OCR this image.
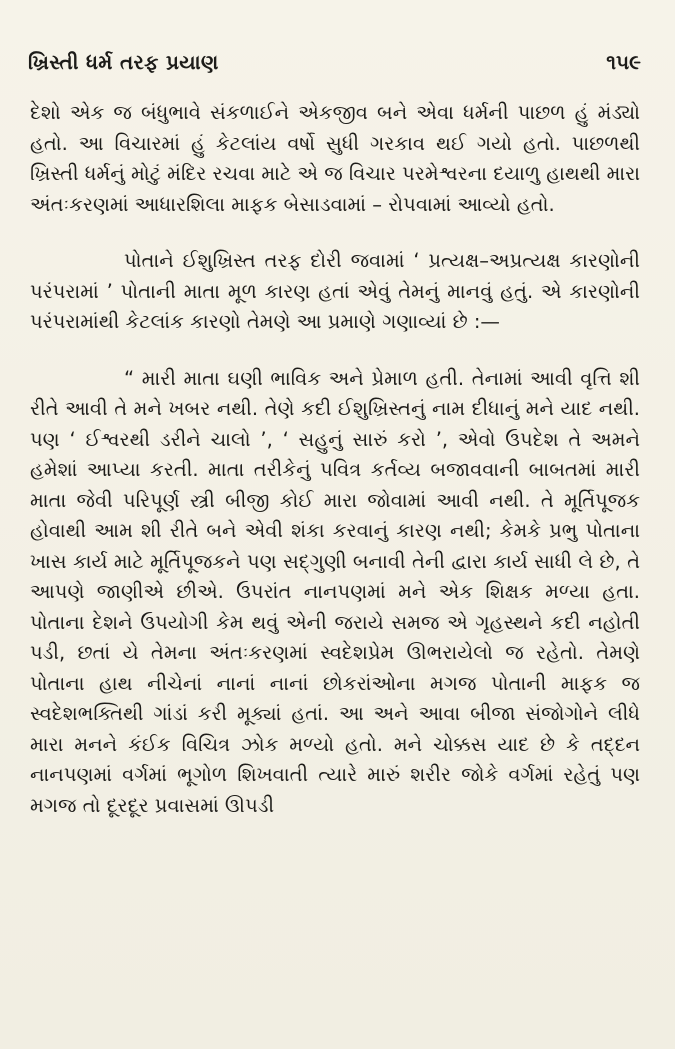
ખ્રિસ્તી ધર્મ તરફ પ્રયાણ	૧૫૯

દેશો એક જ બંધુભાવે સંકળાઈને એકજીવ બને એવા ધર્મની પાછળ હું મંડ્યો હતો. આ વિચારમાં હું કેટલાંય વર્ષો સુધી ગરકાવ થઈ ગયો હતો. પાછળથી ખ્રિસ્તી ધર્મનું મોટું મંદિર રચવા માટે એ જ વિચાર પરમેશ્વરના દયાળુ હાથથી મારા અંતઃકરણમાં આધારશિલા માફક બેસાડવામાં – રોપવામાં આવ્યો હતો.

પોતાને ઈશુખ્રિસ્ત તરફ દોરી જવામાં ‘ પ્રત્યક્ષ–અપ્રત્યક્ષ કારણોની પરંપરામાં ’ પોતાની માતા મૂળ કારણ હતાં એવું તેમનું માનવું હતું. એ કારણોની પરંપરામાંથી કેટલાંક કારણો તેમણે આ પ્રમાણે ગણાવ્યાં છે :—

“ મારી માતા ઘણી ભાવિક અને પ્રેમાળ હતી. તેનામાં આવી વૃત્તિ શી રીતે આવી તે મને ખબર નથી. તેણે કદી ઈશુખ્રિસ્તનું નામ દીધાનું મને યાદ નથી. પણ ‘ ઈશ્વરથી ડરીને ચાલો ’, ‘ સહુનું સારું કરો ’, એવો ઉપદેશ તે અમને હમેશાં આપ્યા કરતી. માતા તરીકેનું પવિત્ર કર્તવ્ય બજાવવાની બાબતમાં મારી માતા જેવી પરિપૂર્ણ સ્ત્રી બીજી કોઈ મારા જોવામાં આવી નથી. તે મૂર્તિપૂજક હોવાથી આમ શી રીતે બને એવી શંકા કરવાનું કારણ નથી; કેમકે પ્રભુ પોતાના ખાસ કાર્ય માટે મૂર્તિપૂજકને પણ સદ્‌ગુણી બનાવી તેની દ્વારા કાર્ય સાધી લે છે, તે આપણે જાણીએ છીએ. ઉપરાંત નાનપણમાં મને એક શિક્ષક મળ્યા હતા. પોતાના દેશને ઉપયોગી કેમ થવું એની જરાયે સમજ એ ગૃહસ્થને કદી નહોતી પડી, છતાં યે તેમના અંતઃકરણમાં સ્વદેશપ્રેમ ઊભરાયેલો જ રહેતો. તેમણે પોતાના હાથ નીચેનાં નાનાં નાનાં છોકરાંઓના મગજ પોતાની માફક જ સ્વદેશભક્તિથી ગાંડાં કરી મૂક્યાં હતાં. આ અને આવા બીજા સંજોગોને લીધે મારા મનને કંઈક વિચિત્ર ઝોક મળ્યો હતો. મને ચોક્કસ યાદ છે કે તદ્દન નાનપણમાં વર્ગમાં ભૂગોળ શિખવાતી ત્યારે મારું શરીર જોકે વર્ગમાં રહેતું પણ મગજ તો દૂરદૂર પ્રવાસમાં ઊપડી
